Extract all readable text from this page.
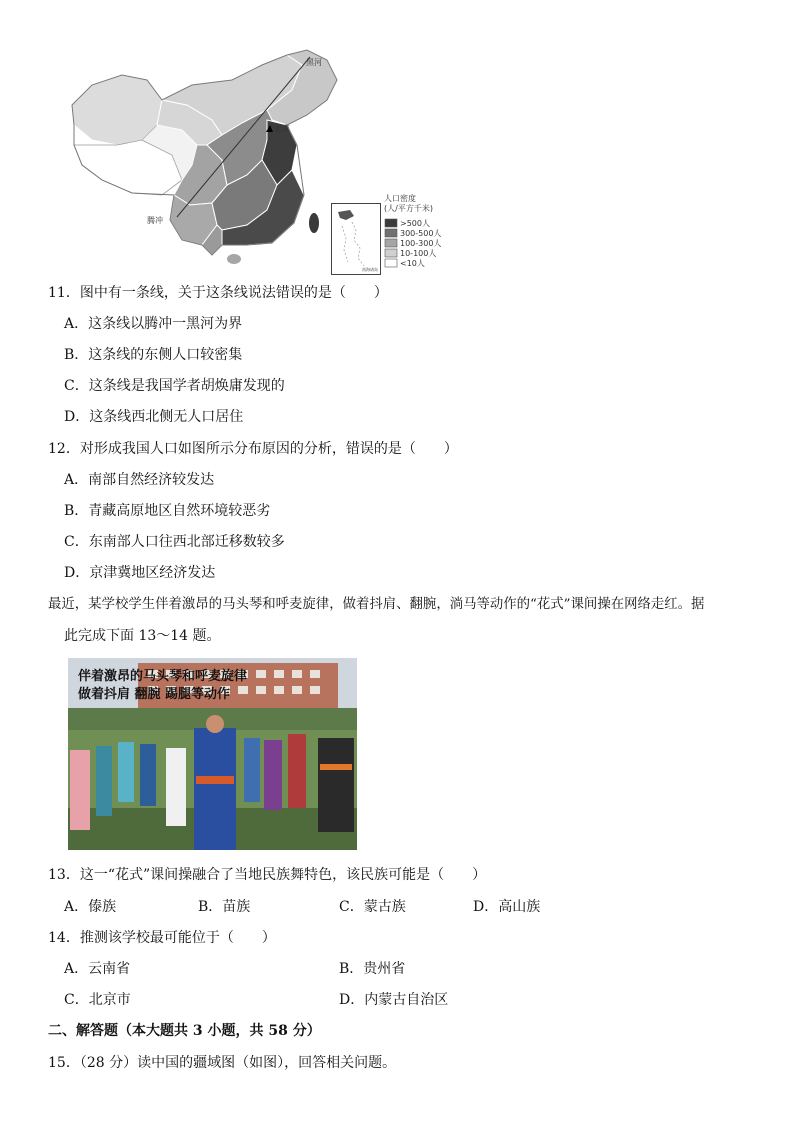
北京
黑河
腾冲
南海诸岛
人口密度
(人/平方千米)
>500人
300-500人
100-300人
10-100人
<10人
11．图中有一条线，关于这条线说法错误的是（　　）
A．这条线以腾冲一黑河为界
B．这条线的东侧人口较密集
C．这条线是我国学者胡焕庸发现的
D．这条线西北侧无人口居住
12．对形成我国人口如图所示分布原因的分析，错误的是（　　）
A．南部自然经济较发达
B．青藏高原地区自然环境较恶劣
C．东南部人口往西北部迁移数较多
D．京津冀地区经济发达
最近，某学校学生伴着激昂的马头琴和呼麦旋律，做着抖肩、翻腕，淌马等动作的“花式”课间操在网络走红。据
此完成下面 13～14 题。
伴着激昂的马头琴和呼麦旋律
做着抖肩 翻腕 踢腿等动作
13．这一“花式”课间操融合了当地民族舞特色，该民族可能是（　　）
A．傣族	B．苗族	C．蒙古族	D．高山族
14．推测该学校最可能位于（　　）
A．云南省	B．贵州省
C．北京市	D．内蒙古自治区
二、解答题（本大题共 3 小题，共 58 分）
15．（28 分）读中国的疆域图（如图），回答相关问题。
